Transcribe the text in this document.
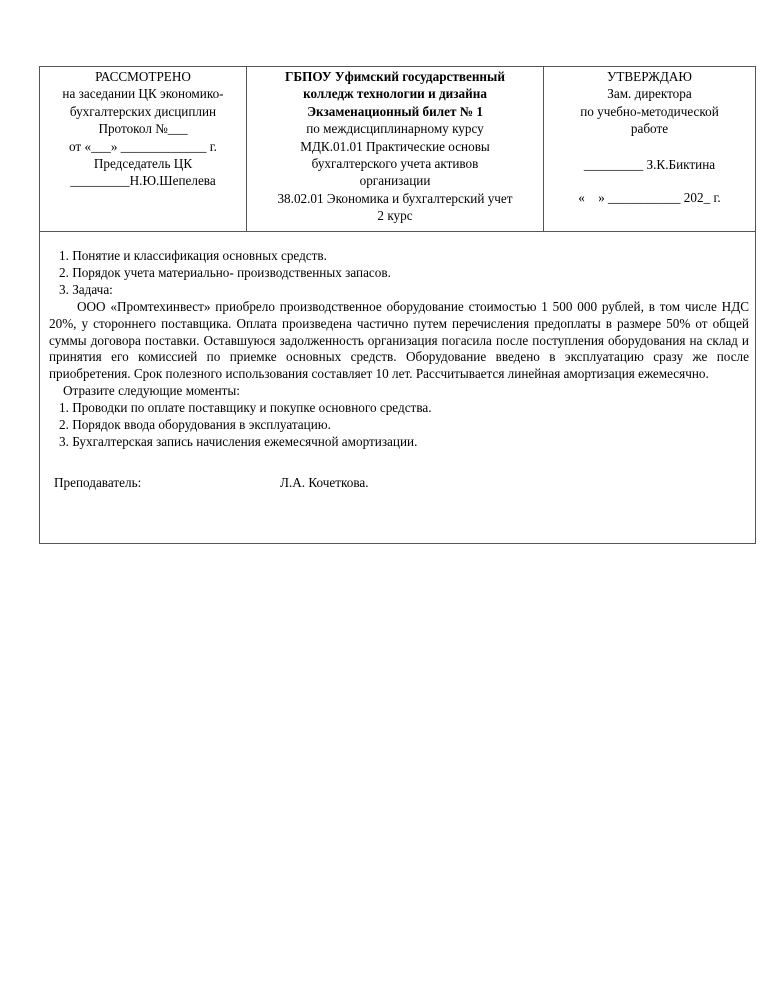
РАССМОТРЕНО
на заседании ЦК экономико-
бухгалтерских дисциплин
Протокол №___
от «___» _____________ г.
Председатель ЦК
_________Н.Ю.Шепелева
ГБПОУ Уфимский государственный
колледж технологии и дизайна
Экзаменационный билет № 1
по междисциплинарному курсу
МДК.01.01 Практические основы
бухгалтерского учета активов
организации
38.02.01 Экономика и бухгалтерский учет
2 курс
УТВЕРЖДАЮ
Зам. директора
по учебно-методической
работе
_________ З.К.Биктина
«    » ___________ 202_ г.
1. Понятие и классификация основных средств.
2. Порядок учета материально- производственных запасов.
3. Задача:
ООО «Промтехинвест» приобрело производственное оборудование стоимостью 1 500 000 рублей, в том числе НДС 20%, у стороннего поставщика. Оплата произведена частично путем перечисления предоплаты в размере 50% от общей суммы договора поставки. Оставшуюся задолженность организация погасила после поступления оборудования на склад и принятия его комиссией по приемке основных средств. Оборудование введено в эксплуатацию сразу же после приобретения. Срок полезного использования составляет 10 лет. Рассчитывается линейная амортизация ежемесячно.
Отразите следующие моменты:
1. Проводки по оплате поставщику и покупке основного средства.
2. Порядок ввода оборудования в эксплуатацию.
3. Бухгалтерская запись начисления ежемесячной амортизации.
Преподаватель:	Л.А. Кочеткова.
